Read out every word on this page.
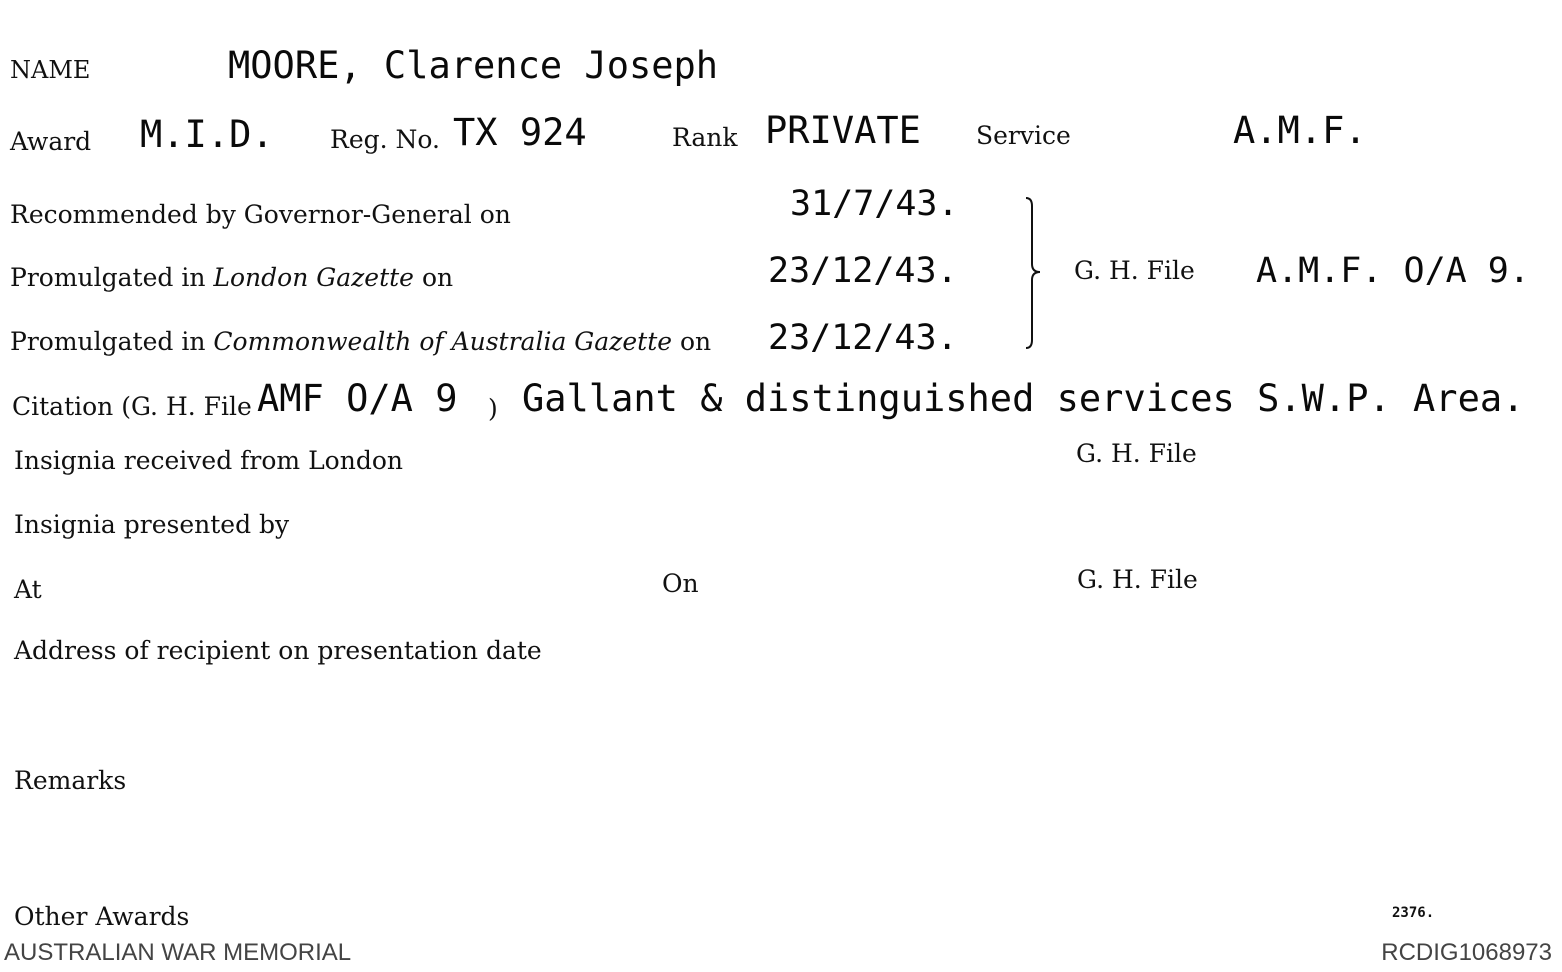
NAME	MOORE, Clarence Joseph
Award M.I.D. Reg. No. TX 924	Rank PRIVATE Service	A.M.F.
Recommended by Governor-General on	31/7/43.
Promulgated in London Gazette on	23/12/43.
Promulgated in Commonwealth of Australia Gazette on 23/12/43.
G. H. File A.M.F. O/A 9.
Citation (G. H. File AMF O/A 9 ) Gallant & distinguished services S.W.P. Area.
Insignia received from London	G. H. File
Insignia presented by
At	On	G. H. File
Address of recipient on presentation date
Remarks
Other Awards	2376.
AUSTRALIAN WAR MEMORIAL	RCDIG1068973
